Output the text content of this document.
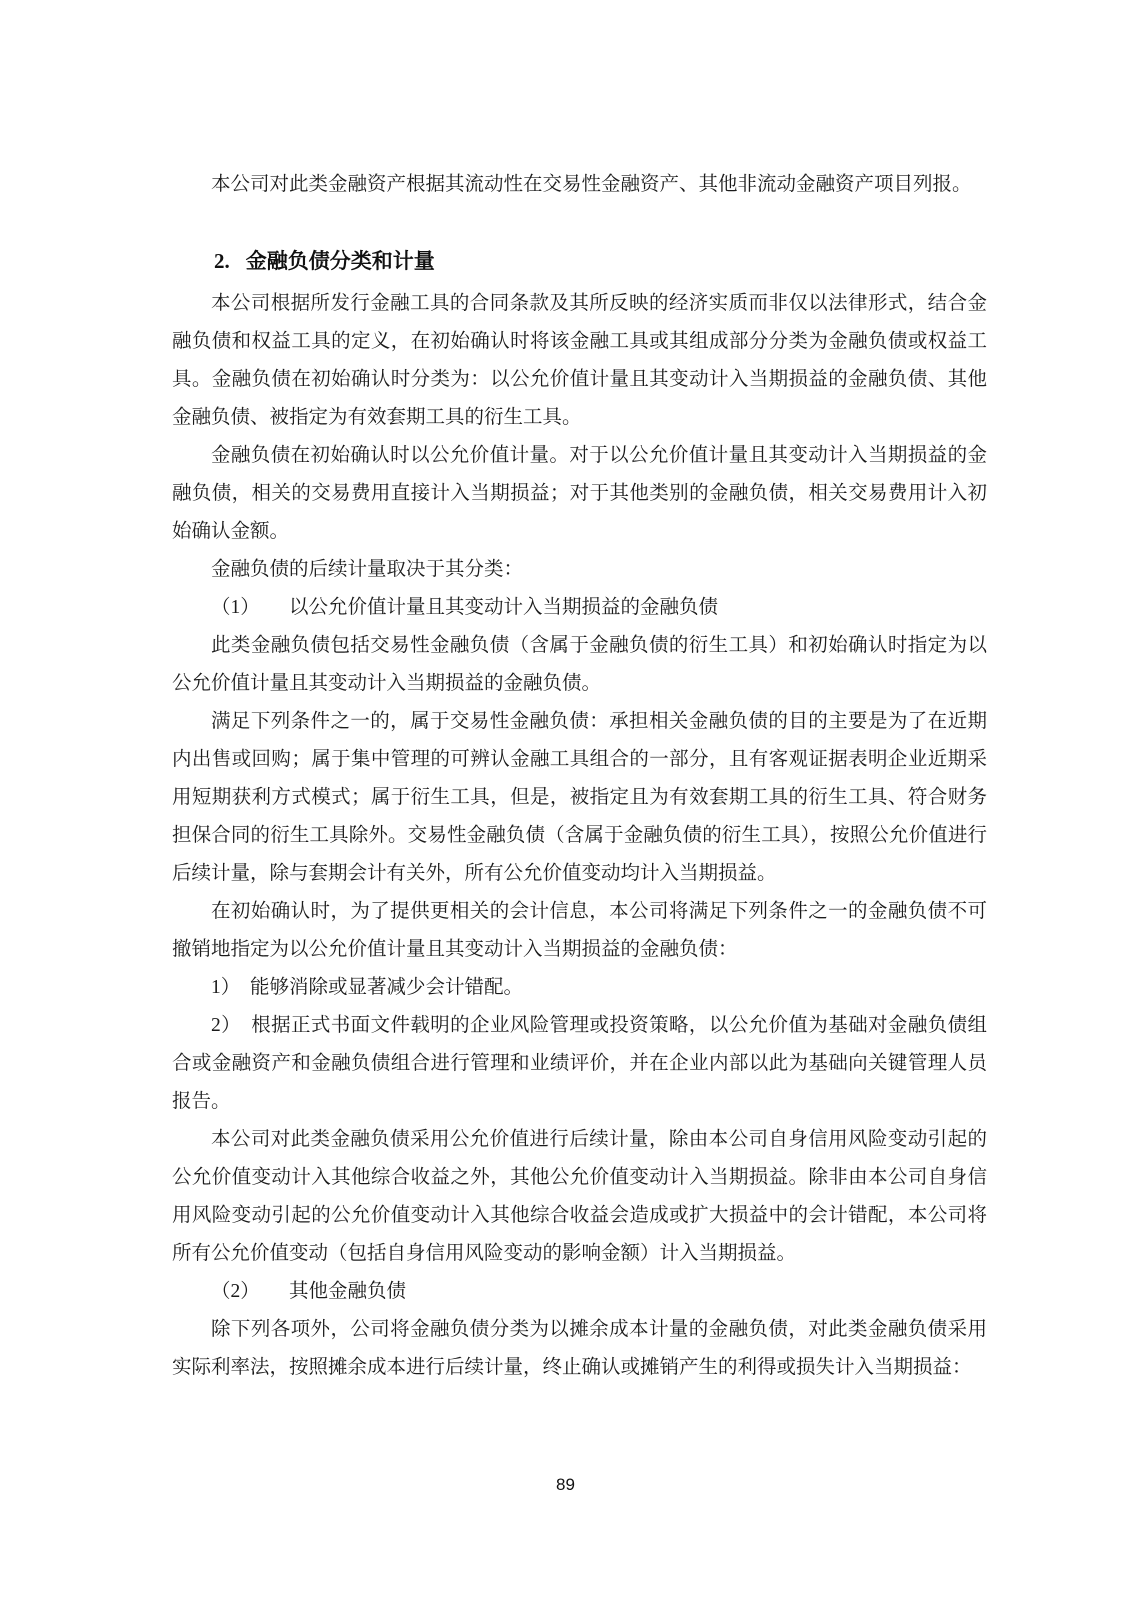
本公司对此类金融资产根据其流动性在交易性金融资产、其他非流动金融资产项目列报。

2. 金融负债分类和计量

本公司根据所发行金融工具的合同条款及其所反映的经济实质而非仅以法律形式，结合金融负债和权益工具的定义，在初始确认时将该金融工具或其组成部分分类为金融负债或权益工具。金融负债在初始确认时分类为：以公允价值计量且其变动计入当期损益的金融负债、其他金融负债、被指定为有效套期工具的衍生工具。

金融负债在初始确认时以公允价值计量。对于以公允价值计量且其变动计入当期损益的金融负债，相关的交易费用直接计入当期损益；对于其他类别的金融负债，相关交易费用计入初始确认金额。

金融负债的后续计量取决于其分类：

（1）　　以公允价值计量且其变动计入当期损益的金融负债

此类金融负债包括交易性金融负债（含属于金融负债的衍生工具）和初始确认时指定为以公允价值计量且其变动计入当期损益的金融负债。

满足下列条件之一的，属于交易性金融负债：承担相关金融负债的目的主要是为了在近期内出售或回购；属于集中管理的可辨认金融工具组合的一部分，且有客观证据表明企业近期采用短期获利方式模式；属于衍生工具，但是，被指定且为有效套期工具的衍生工具、符合财务担保合同的衍生工具除外。交易性金融负债（含属于金融负债的衍生工具），按照公允价值进行后续计量，除与套期会计有关外，所有公允价值变动均计入当期损益。

在初始确认时，为了提供更相关的会计信息，本公司将满足下列条件之一的金融负债不可撤销地指定为以公允价值计量且其变动计入当期损益的金融负债：

1）　能够消除或显著减少会计错配。

2）　根据正式书面文件载明的企业风险管理或投资策略，以公允价值为基础对金融负债组合或金融资产和金融负债组合进行管理和业绩评价，并在企业内部以此为基础向关键管理人员报告。

本公司对此类金融负债采用公允价值进行后续计量，除由本公司自身信用风险变动引起的公允价值变动计入其他综合收益之外，其他公允价值变动计入当期损益。除非由本公司自身信用风险变动引起的公允价值变动计入其他综合收益会造成或扩大损益中的会计错配，本公司将所有公允价值变动（包括自身信用风险变动的影响金额）计入当期损益。

（2）　　其他金融负债

除下列各项外，公司将金融负债分类为以摊余成本计量的金融负债，对此类金融负债采用实际利率法，按照摊余成本进行后续计量，终止确认或摊销产生的利得或损失计入当期损益：

89
